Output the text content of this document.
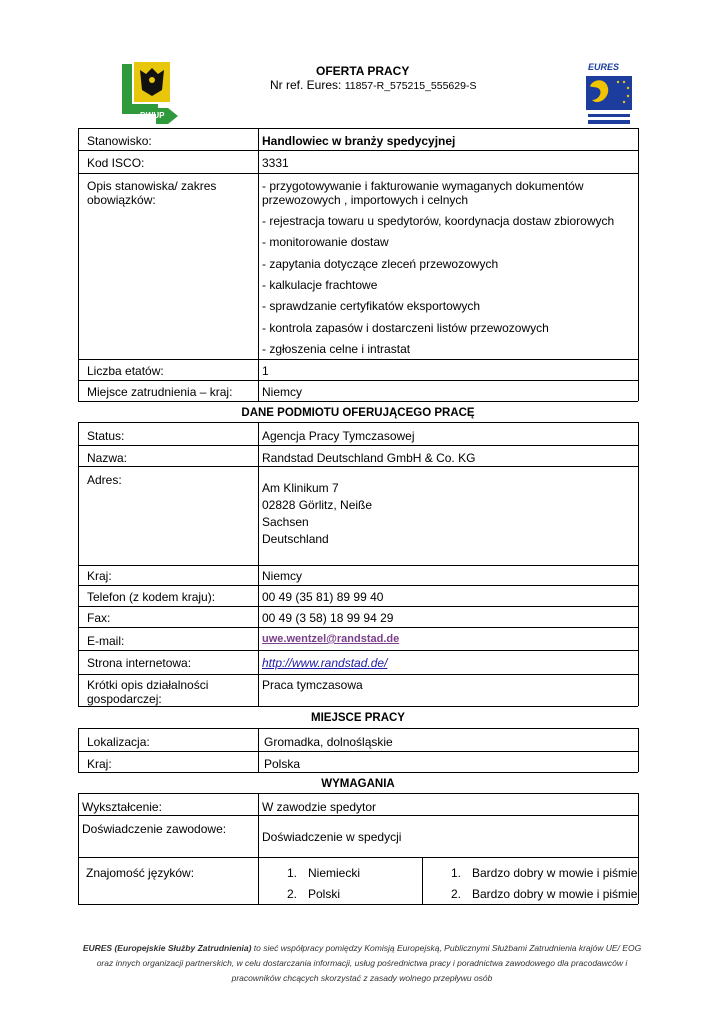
DWUP
OFERTA PRACY
Nr ref. Eures: 11857-R_575215_555629-S
EURES
Stanowisko:	Handlowiec w branży spedycyjnej
Kod ISCO:	3331
Opis stanowiska/ zakres
obowiązków:
- przygotowywanie i fakturowanie wymaganych dokumentów
przewozowych , importowych i celnych
- rejestracja towaru u spedytorów, koordynacja dostaw zbiorowych
- monitorowanie dostaw
- zapytania dotyczące zleceń przewozowych
- kalkulacje frachtowe
- sprawdzanie certyfikatów eksportowych
- kontrola zapasów i dostarczeni listów przewozowych
- zgłoszenia celne i intrastat
Liczba etatów:	1
Miejsce zatrudnienia – kraj: Niemcy
DANE PODMIOTU OFERUJĄCEGO PRACĘ
Status:	Agencja Pracy Tymczasowej
Nazwa:	Randstad Deutschland GmbH & Co. KG
Adres:
Am Klinikum 7
02828 Görlitz, Neiße
Sachsen
Deutschland
Kraj:	Niemcy
Telefon (z kodem kraju):	00 49 (35 81) 89 99 40
Fax:	00 49 (3 58) 18 99 94 29
E-mail:	uwe.wentzel@randstad.de
Strona internetowa:	http://www.randstad.de/
Krótki opis działalności
gospodarczej:
Praca tymczasowa
MIEJSCE PRACY
Lokalizacja:	Gromadka, dolnośląskie
Kraj:	Polska
WYMAGANIA
Wykształcenie:	W zawodzie spedytor
Doświadczenie zawodowe:
Doświadczenie w spedycji
Znajomość języków:	1. Niemiecki	1. Bardzo dobry w mowie i piśmie
2. Polski	2. Bardzo dobry w mowie i piśmie
EURES (Europejskie Służby Zatrudnienia) to sieć współpracy pomiędzy Komisją Europejską, Publicznymi Służbami Zatrudnienia krajów UE/ EOG
oraz innych organizacji partnerskich, w celu dostarczania informacji, usług pośrednictwa pracy i poradnictwa zawodowego dla pracodawców i
pracowników chcących skorzystać z zasady wolnego przepływu osób
